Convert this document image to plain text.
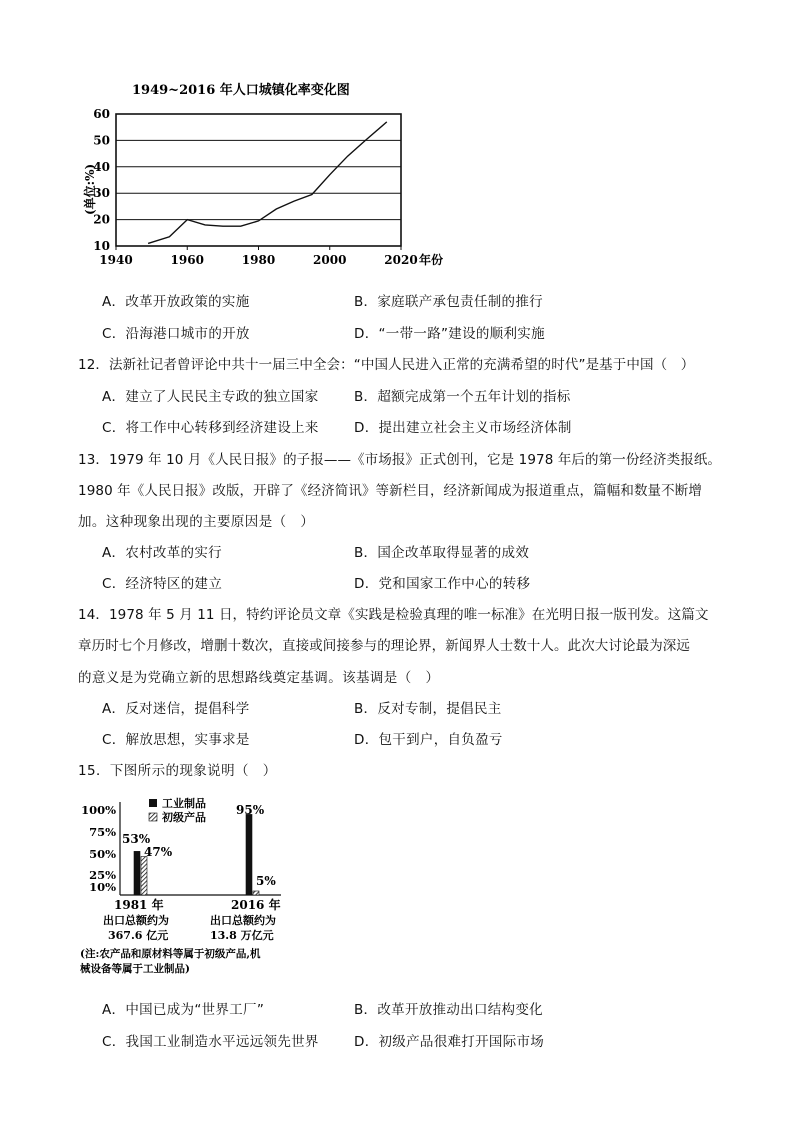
1949~2016 年人口城镇化率变化图
60
50
40
30
20
10
1940	1960	1980	2000	2020 年份
(单位:%)
A．改革开放政策的实施	B．家庭联产承包责任制的推行
C．沿海港口城市的开放	D．“一带一路”建设的顺利实施
12．法新社记者曾评论中共十一届三中全会：“中国人民进入正常的充满希望的时代”是基于中国（　）
A．建立了人民民主专政的独立国家	B．超额完成第一个五年计划的指标
C．将工作中心转移到经济建设上来	D．提出建立社会主义市场经济体制
13．1979 年 10 月《人民日报》的子报——《市场报》正式创刊，它是 1978 年后的第一份经济类报纸。
1980 年《人民日报》改版，开辟了《经济简讯》等新栏目，经济新闻成为报道重点，篇幅和数量不断增
加。这种现象出现的主要原因是（　）
A．农村改革的实行	B．国企改革取得显著的成效
C．经济特区的建立	D．党和国家工作中心的转移
14．1978 年 5 月 11 日，特约评论员文章《实践是检验真理的唯一标准》在光明日报一版刊发。这篇文
章历时七个月修改，增删十数次，直接或间接参与的理论界，新闻界人士数十人。此次大讨论最为深远
的意义是为党确立新的思想路线奠定基调。该基调是（　）
A．反对迷信，提倡科学	B．反对专制，提倡民主
C．解放思想，实事求是	D．包干到户，自负盈亏
15．下图所示的现象说明（　）
100%
75%
50%
25%
10%
工业制品
初级产品
53%
47%
95%
5%
1981 年
出口总额约为
367.6 亿元
2016 年
出口总额约为
13.8 万亿元
(注:农产品和原材料等属于初级产品,机
械设备等属于工业制品)
A．中国已成为“世界工厂”	B．改革开放推动出口结构变化
C．我国工业制造水平远远领先世界	D．初级产品很难打开国际市场
